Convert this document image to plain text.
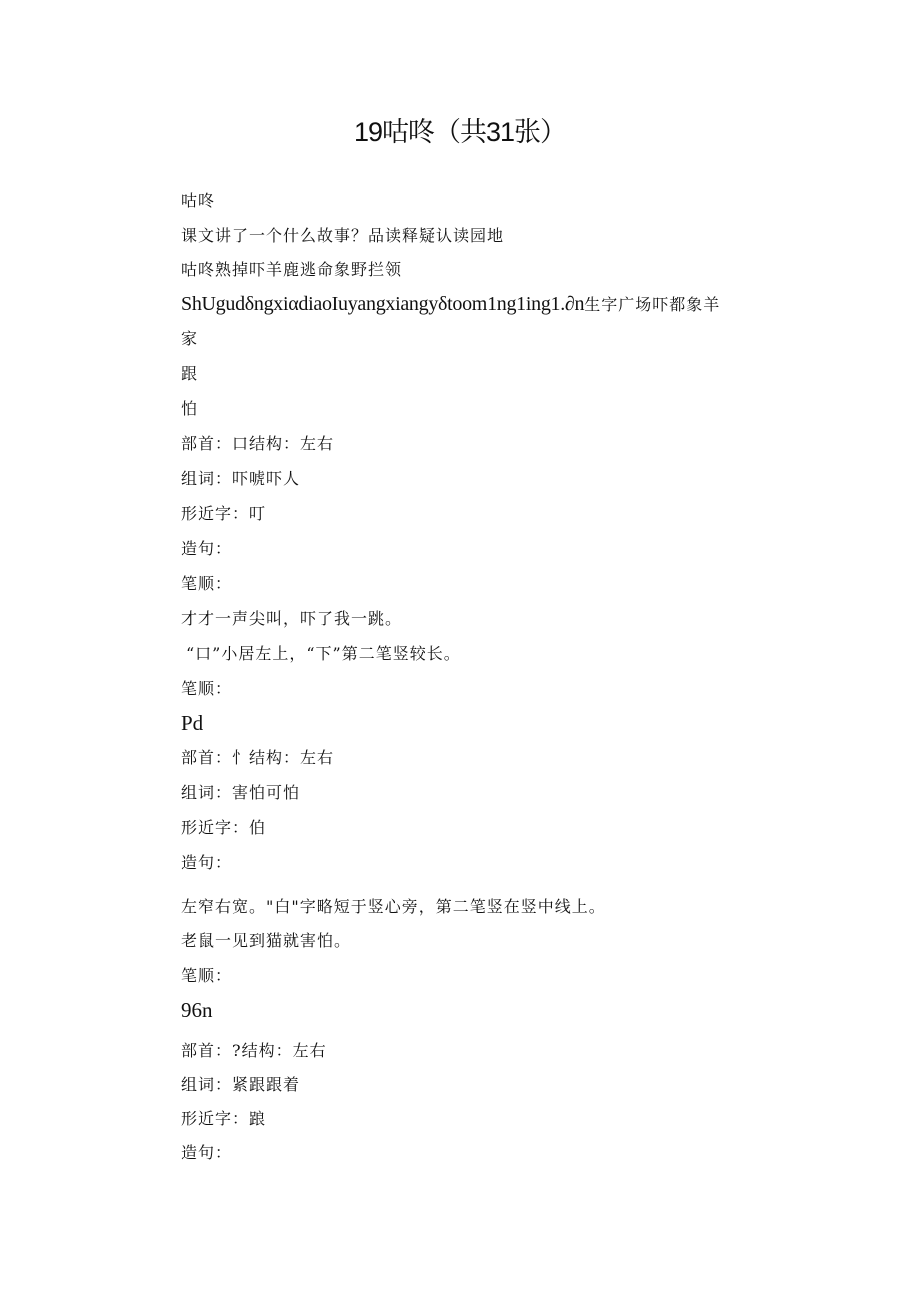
19咕咚（共31张）
咕咚
课文讲了一个什么故事？品读释疑认读园地
咕咚熟掉吓羊鹿逃命象野拦领
ShUgudδngxiαdiaoIuyangxiangyδtoom1ng1ing1.∂n生字广场吓都象羊
家
跟
怕
部首：口结构：左右
组词：吓唬吓人
形近字：叮
造句：
笔顺：
才才一声尖叫，吓了我一跳。
“口”小居左上，“下”第二笔竖较长。
笔顺：
Pd
部首：忄结构：左右
组词：害怕可怕
形近字：伯
造句：
左窄右宽。"白"字略短于竖心旁，第二笔竖在竖中线上。
老鼠一见到猫就害怕。
笔顺：
96n
部首：?结构：左右
组词：紧跟跟着
形近字：踉
造句：
